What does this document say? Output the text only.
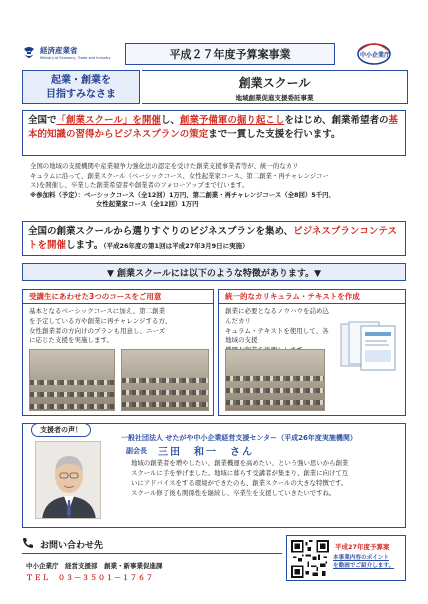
経済産業省
Ministry of Economy, Trade and Industry	平成２７年度予算案事業	中小企業庁
起業・創業を
目指すみなさま
創業スクール
地域創業促進支援委託事業
全国で「創業スクール」を開催し、創業予備軍の掘り起こしをはじめ、創業希望者の基本的知識の習得からビジネスプランの策定まで一貫した支援を行います。
全国の地域の支援機関や産業競争力強化法の認定を受けた創業支援事業者等が、統一的なカリ
キュラムに沿って、創業スクール（ベーシックコース、女性起業家コース、第二創業・再チャレンジコー
ス)を開催し、卒業した創業希望者や創業者のフォローアップまで行います。
※参加料（予定）：ベーシックコース（全12回）1万円、第二創業・再チャレンジコース（全8回）5千円、
女性起業家コース（全12回）1万円
全国の創業スクールから選りすぐりのビジネスプランを集め、ビジネスプランコンテストを開催します。（平成26年度の第1回は平成27年3月9日に実施）
▼ 創業スクールには以下のような特徴があります。▼
受講生にあわせた3つのコースをご用意
基本となるベーシックコースに加え、第二創業
を予定している方や創業に再チャレンジする方、
女性創業者の方向けのプランも用意し、ニーズ
に応じた支援を実施します。
統一的なカリキュラム・テキストを作成
創業に必要となるノウハウを詰め込んだカリ
キュラム・テキストを使用して、各地域の支援
支援者の声！
一般社団法人 せたがや中小企業経営支援センター（平成26年度実施機関）
副会長 三田　和一　さん
地域の創業者を増やしたい、創業機運を高めたい、という強い思いから創業
スクールに手を挙げました。地域に暮らす受講者が集まり、創業に向けて互
いにアドバイスをする環境ができたのも、創業スクールの大きな特徴です。
スクール修了後も関係性を継続し、卒業生を支援していきたいですね。
お問い合わせ先
中小企業庁　経営支援部　創業・新事業促進課
ＴＥＬ　０３－３５０１－１７６７
平成27年度予算案
本事業内容のポイント
を動画でご紹介します。
